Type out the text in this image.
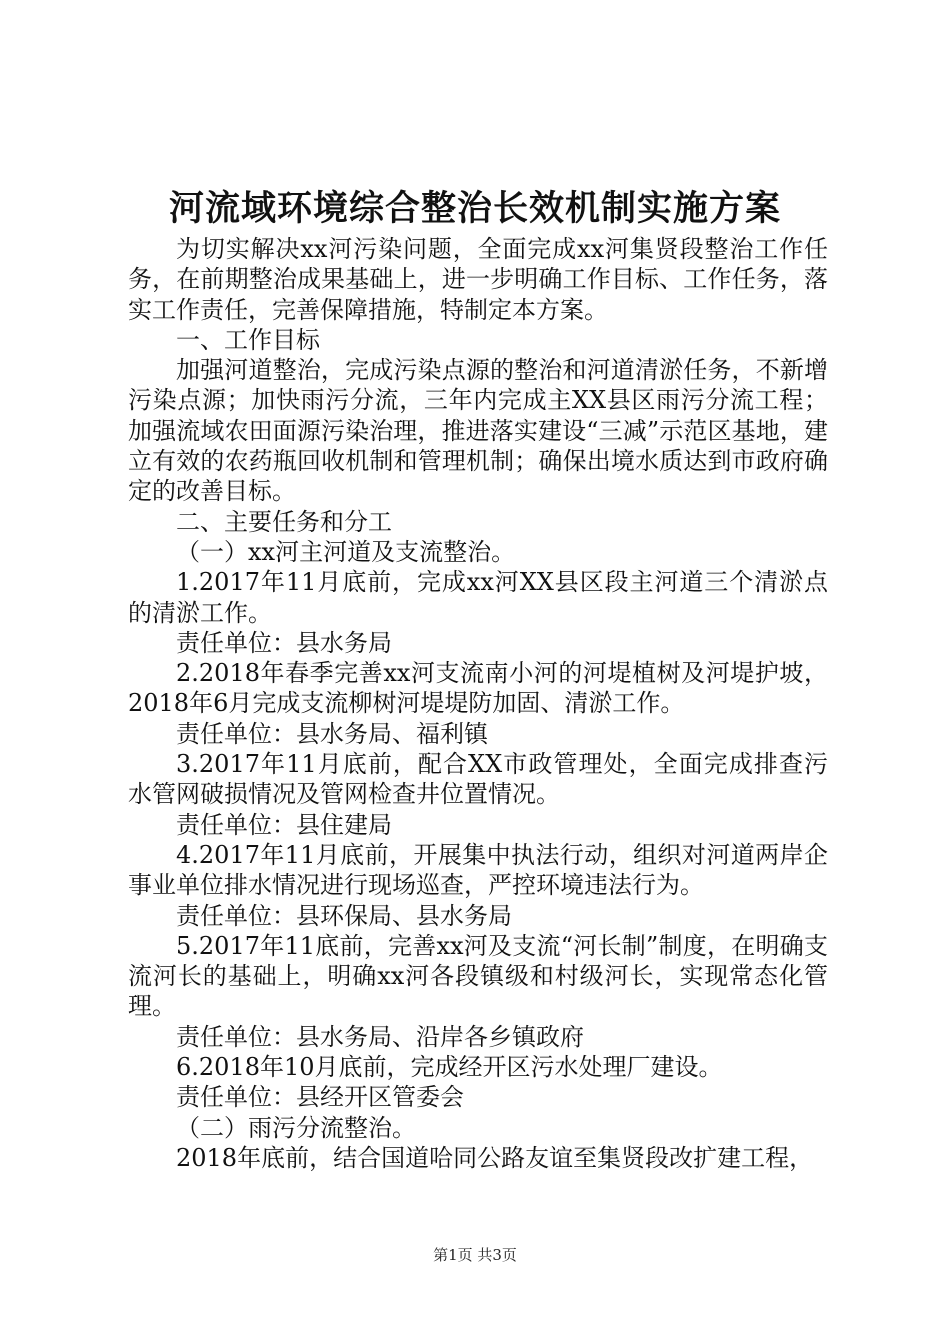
河流域环境综合整治长效机制实施方案

为切实解决xx河污染问题，全面完成xx河集贤段整治工作任务，在前期整治成果基础上，进一步明确工作目标、工作任务，落实工作责任，完善保障措施，特制定本方案。

一、工作目标

加强河道整治，完成污染点源的整治和河道清淤任务，不新增污染点源；加快雨污分流，三年内完成主XX县区雨污分流工程；加强流域农田面源污染治理，推进落实建设“三减”示范区基地，建立有效的农药瓶回收机制和管理机制；确保出境水质达到市政府确定的改善目标。

二、主要任务和分工

（一）xx河主河道及支流整治。

1.2017年11月底前，完成xx河XX县区段主河道三个清淤点的清淤工作。

责任单位：县水务局

2.2018年春季完善xx河支流南小河的河堤植树及河堤护坡，2018年6月完成支流柳树河堤堤防加固、清淤工作。

责任单位：县水务局、福利镇

3.2017年11月底前，配合XX市政管理处，全面完成排查污水管网破损情况及管网检查井位置情况。

责任单位：县住建局

4.2017年11月底前，开展集中执法行动，组织对河道两岸企事业单位排水情况进行现场巡查，严控环境违法行为。

责任单位：县环保局、县水务局

5.2017年11底前，完善xx河及支流“河长制”制度，在明确支流河长的基础上，明确xx河各段镇级和村级河长，实现常态化管理。

责任单位：县水务局、沿岸各乡镇政府

6.2018年10月底前，完成经开区污水处理厂建设。

责任单位：县经开区管委会

（二）雨污分流整治。

2018年底前，结合国道哈同公路友谊至集贤段改扩建工程，

第1页 共3页
